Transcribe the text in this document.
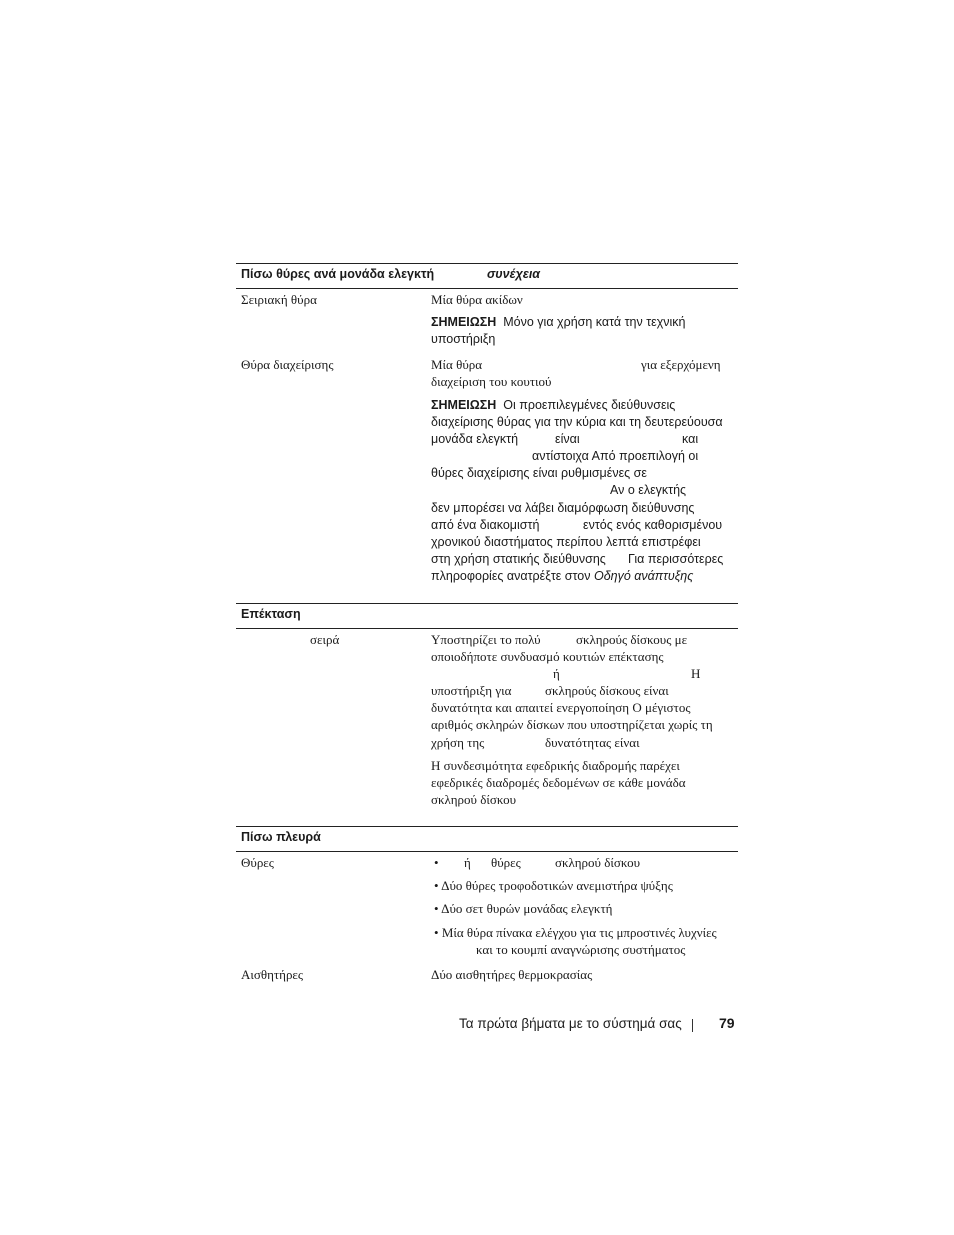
Πίσω θύρες ανά μονάδα ελεγκτή	συνέχεια
Σειριακή θύρα	Μία θύρα ακίδων
ΣΗΜΕΙΩΣΗ Μόνο για χρήση κατά την τεχνική
υποστήριξη
Θύρα διαχείρισης	Μία θύρα	για εξερχόμενη
διαχείριση του κουτιού
ΣΗΜΕΙΩΣΗ Οι προεπιλεγμένες διεύθυνσεις
διαχείρισης θύρας για την κύρια και τη δευτερεύουσα
μονάδα ελεγκτή	είναι	και
αντίστοιχα Από προεπιλογή οι
θύρες διαχείρισης είναι ρυθμισμένες σε
Αν ο ελεγκτής
δεν μπορέσει να λάβει διαμόρφωση διεύθυνσης
από ένα διακομιστή	εντός ενός καθορισμένου
χρονικού διαστήματος περίπου λεπτά επιστρέφει
στη χρήση στατικής διεύθυνσης Για περισσότερες
πληροφορίες ανατρέξτε στον Οδηγό ανάπτυξης
Επέκταση
σειρά	Υποστηρίζει το πολύ	σκληρούς δίσκους με
οποιοδήποτε συνδυασμό κουτιών επέκτασης
ή	Η
υποστήριξη για	σκληρούς δίσκους είναι
δυνατότητα και απαιτεί ενεργοποίηση Ο μέγιστος
αριθμός σκληρών δίσκων που υποστηρίζεται χωρίς τη
χρήση της	δυνατότητας είναι
Η συνδεσιμότητα εφεδρικής διαδρομής παρέχει
εφεδρικές διαδρομές δεδομένων σε κάθε μονάδα
σκληρού δίσκου
Πίσω πλευρά
Θύρες	• ή θύρες	σκληρού δίσκου
• Δύο θύρες τροφοδοτικών ανεμιστήρα ψύξης
• Δύο σετ θυρών μονάδας ελεγκτή
• Μία θύρα πίνακα ελέγχου για τις μπροστινές λυχνίες
και το κουμπί αναγνώρισης συστήματος
Αισθητήρες	Δύο αισθητήρες θερμοκρασίας
Τα πρώτα βήματα με το σύστημά σας	79
